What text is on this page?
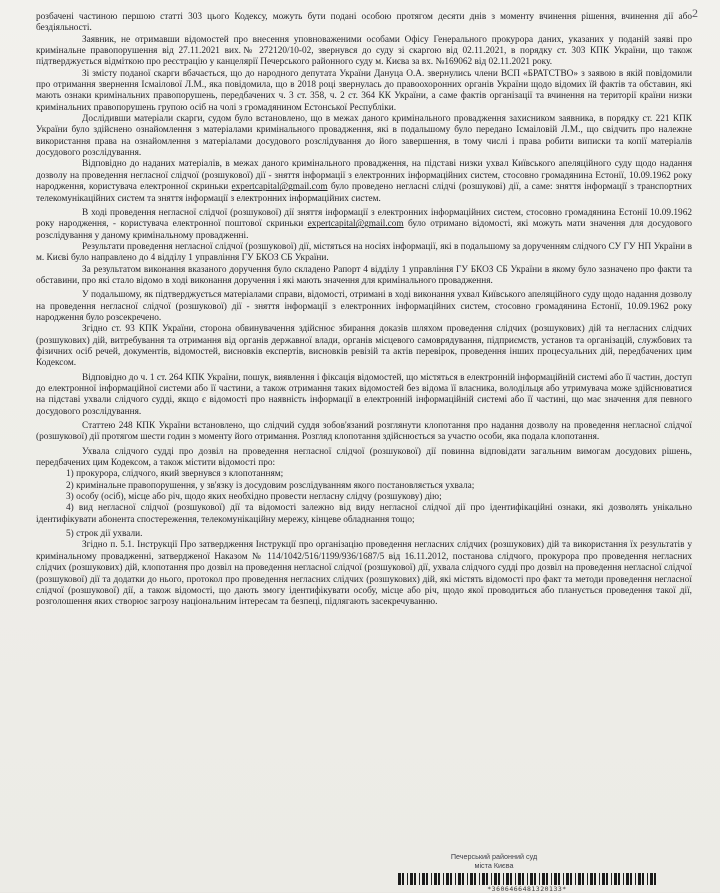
2

розбачені частиною першою статті 303 цього Кодексу, можуть бути подані особою протягом десяти днів з моменту вчинення рішення, вчинення дії або бездіяльності.

Заявник, не отримавши відомостей про внесення уповноваженими особами Офісу Генерального прокурора даних, указаних у поданій заяві про кримінальне правопорушення від 27.11.2021 вих.№ 272120/10-02, звернувся до суду зі скаргою від 02.11.2021, в порядку ст. 303 КПК України, що також підтверджується відміткою про реєстрацію у канцелярії Печерського районного суду м. Києва за вх. №169062 від 02.11.2021 року.

Зі змісту поданої скарги вбачається, що до народного депутата України Дануца О.А. звернулись члени ВСП «БРАТСТВО» з заявою в якій повідомили про отримання звернення Ісмаілової Л.М., яка повідомила, що в 2018 році звернулась до правоохоронних органів України щодо відомих їй фактів та обставин, які мають ознаки кримінальних правопорушень, передбачених ч. 3 ст. 358, ч. 2 ст. 364 КК України, а саме фактів організації та вчинення на території країни низки кримінальних правопорушень групою осіб на чолі з громадянином Естонської Республіки.

Дослідивши матеріали скарги, судом було встановлено, що в межах даного кримінального провадження захисником заявника, в порядку ст. 221 КПК України було здійснено ознайомлення з матеріалами кримінального провадження, які в подальшому було передано Ісмаіловій Л.М., що свідчить про належне використання права на ознайомлення з матеріалами досудового розслідування до його завершення, в тому числі і права робити виписки та копії матеріалів досудового розслідування.

Відповідно до наданих матеріалів, в межах даного кримінального провадження, на підставі низки ухвал Київського апеляційного суду щодо надання дозволу на проведення негласної слідчої (розшукової) дії - зняття інформації з електронних інформаційних систем, стосовно громадянина Естонії, 10.09.1962 року народження, користувача електронної скриньки expertcapital@gmail.com було проведено негласні слідчі (розшукові) дії, а саме: зняття інформації з транспортних телекомунікаційних систем та зняття інформації з електронних інформаційних систем.

В ході проведення негласної слідчої (розшукової) дії зняття інформації з електронних інформаційних систем, стосовно громадянина Естонії 10.09.1962 року народження, - користувача електронної поштової скриньки expertcapital@gmail.com було отримано відомості, які можуть мати значення для досудового розслідування у даному кримінальному провадженні.

Результати проведення негласної слідчої (розшукової) дії, містяться на носіях інформації, які в подальшому за дорученням слідчого СУ ГУ НП України в м. Києві було направлено до 4 відділу 1 управління ГУ БКОЗ СБ України.

За результатом виконання вказаного доручення було складено Рапорт 4 відділу 1 управління ГУ БКОЗ СБ України в якому було зазначено про факти та обставини, про які стало відомо в ході виконання доручення і які мають значення для кримінального провадження.

У подальшому, як підтверджується матеріалами справи, відомості, отримані в ході виконання ухвал Київського апеляційного суду щодо надання дозволу на проведення негласної слідчої (розшукової) дії - зняття інформації з електронних інформаційних систем, стосовно громадянина Естонії, 10.09.1962 року народження було розсекречено.

Згідно ст. 93 КПК України, сторона обвинувачення здійснює збирання доказів шляхом проведення слідчих (розшукових) дій та негласних слідчих (розшукових) дій, витребування та отримання від органів державної влади, органів місцевого самоврядування, підприємств, установ та організацій, службових та фізичних осіб речей, документів, відомостей, висновків експертів, висновків ревізій та актів перевірок, проведення інших процесуальних дій, передбачених цим Кодексом.

Відповідно до ч. 1 ст. 264 КПК України, пошук, виявлення і фіксація відомостей, що містяться в електронній інформаційній системі або її частин, доступ до електронної інформаційної системи або її частини, а також отримання таких відомостей без відома її власника, володільця або утримувача може здійснюватися на підставі ухвали слідчого судді, якщо є відомості про наявність інформації в електронній інформаційній системі або її частині, що має значення для певного досудового розслідування.

Статтею 248 КПК України встановлено, що слідчий суддя зобов'язаний розглянути клопотання про надання дозволу на проведення негласної слідчої (розшукової) дії протягом шести годин з моменту його отримання. Розгляд клопотання здійснюється за участю особи, яка подала клопотання.

Ухвала слідчого судді про дозвіл на проведення негласної слідчої (розшукової) дії повинна відповідати загальним вимогам досудових рішень, передбачених цим Кодексом, а також містити відомості про:

1) прокурора, слідчого, який звернувся з клопотанням;

2) кримінальне правопорушення, у зв'язку із досудовим розслідуванням якого постановляється ухвала;

3) особу (осіб), місце або річ, щодо яких необхідно провести негласну слідчу (розшукову) дію;

4) вид негласної слідчої (розшукової) дії та відомості залежно від виду негласної слідчої дії про ідентифікаційні ознаки, які дозволять унікально ідентифікувати абонента спостереження, телекомунікаційну мережу, кінцеве обладнання тощо;

5) строк дії ухвали.

Згідно п. 5.1. Інструкції Про затвердження Інструкції про організацію проведення негласних слідчих (розшукових) дій та використання їх результатів у кримінальному провадженні, затвердженої Наказом № 114/1042/516/1199/936/1687/5 від 16.11.2012, постанова слідчого, прокурора про проведення негласних слідчих (розшукових) дій, клопотання про дозвіл на проведення негласної слідчої (розшукової) дії, ухвала слідчого судді про дозвіл на проведення негласної слідчої (розшукової) дії та додатки до нього, протокол про проведення негласних слідчих (розшукових) дій, які містять відомості про факт та методи проведення негласної слідчої (розшукової) дії, а також відомості, що дають змогу ідентифікувати особу, місце або річ, щодо якої проводиться або планується проведення такої дії, розголошення яких створює загрозу національним інтересам та безпеці, підлягають засекречуванню.

Печерський районний суд
міста Києва
*3606466481320133*
